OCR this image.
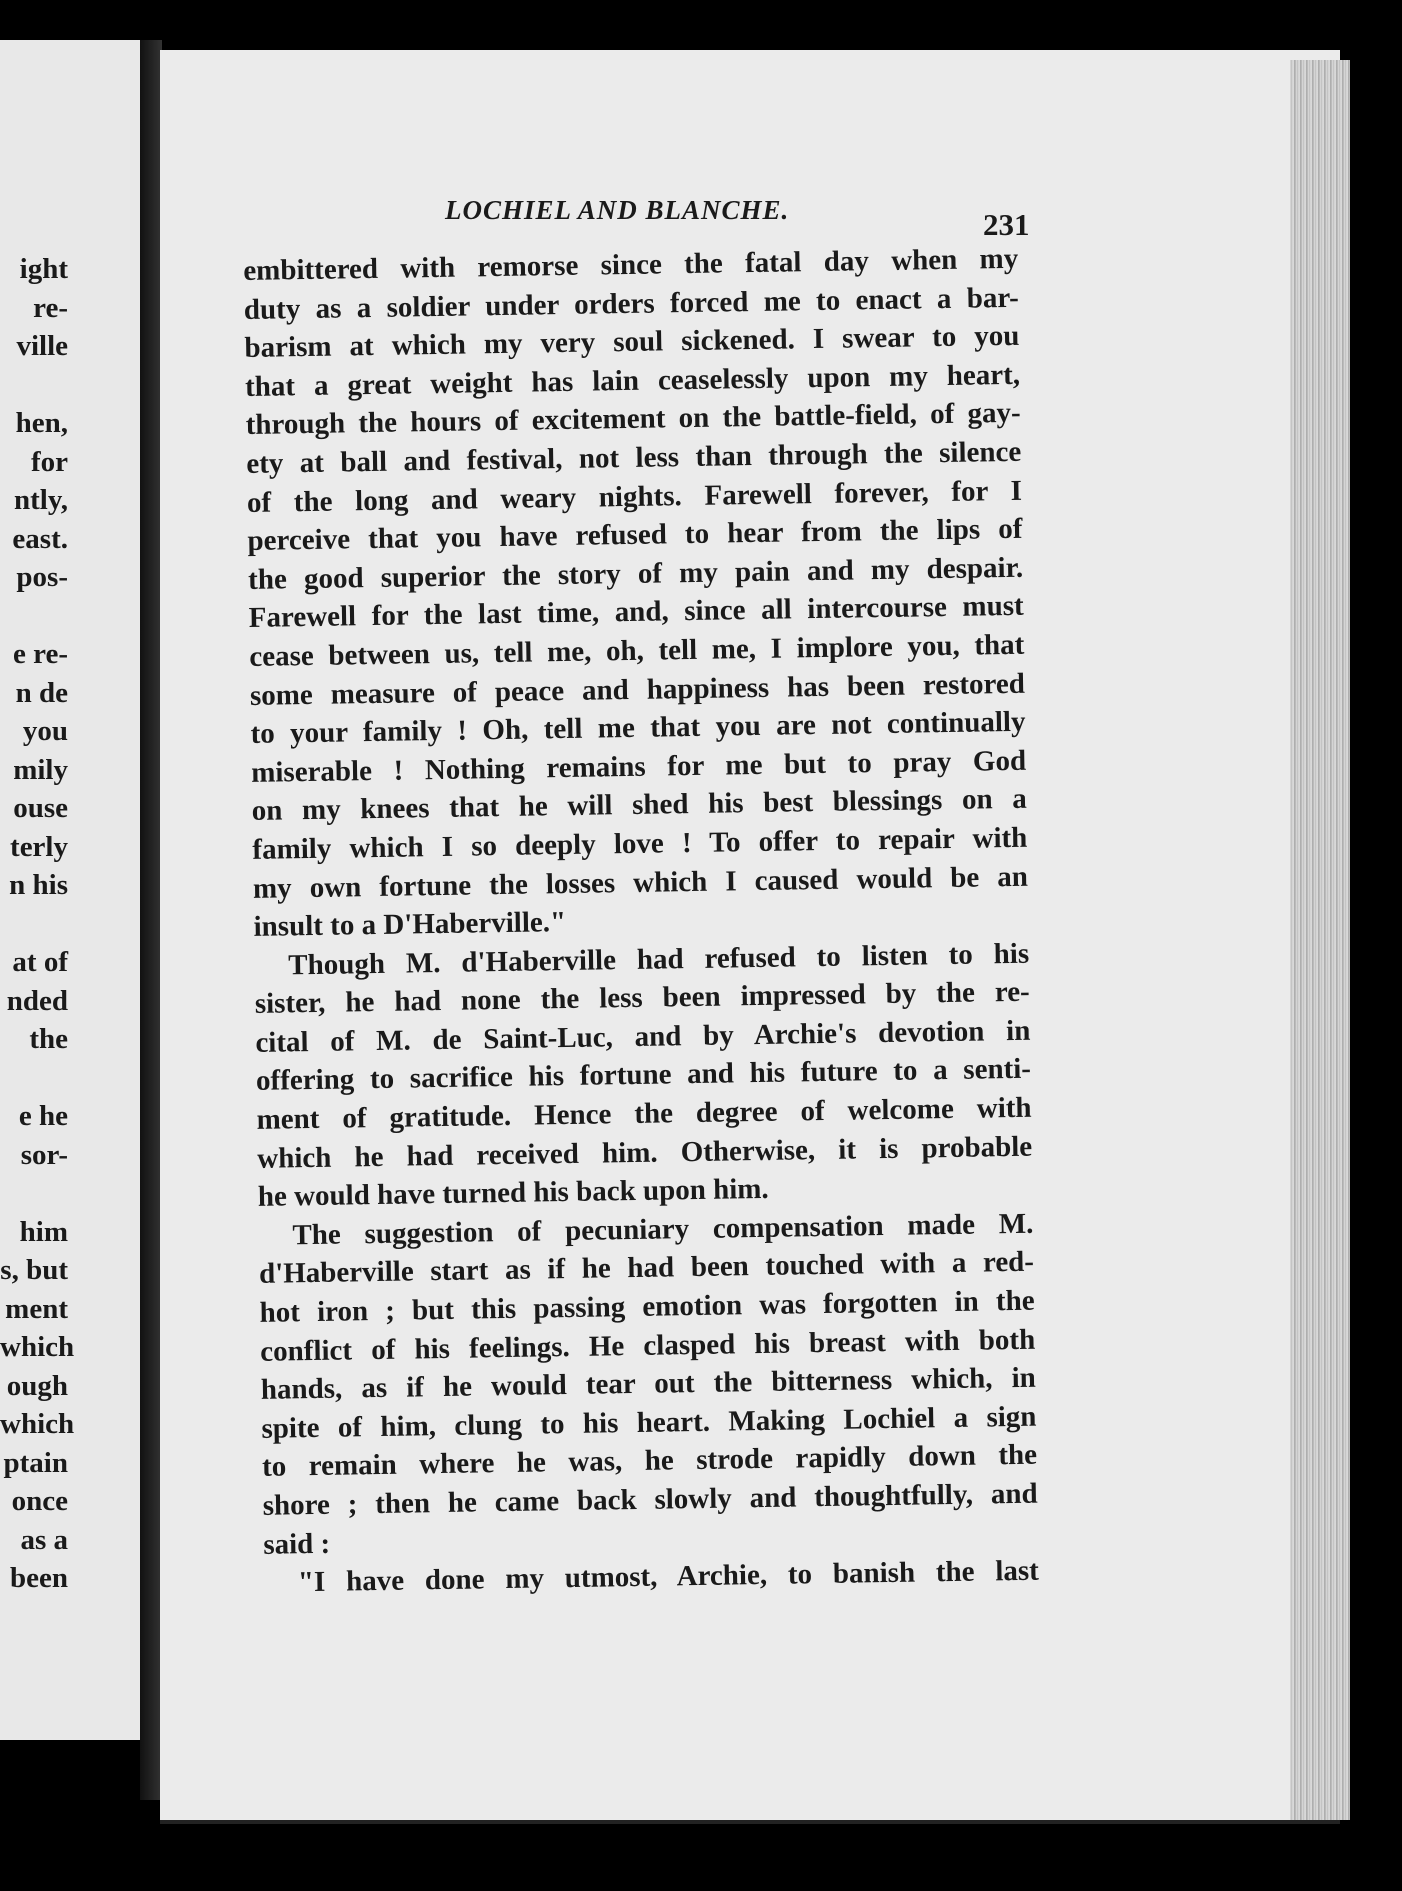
ight
re-
ville
hen,
for
ntly,
east.
pos-
e re-
n de
you
mily
ouse
terly
n his
at of
nded
the
e he
sor-
him
s, but
ment
which
ough
which
ptain
once
as a
been
LOCHIEL AND BLANCHE.	231
embittered with remorse since the fatal day when my
duty as a soldier under orders forced me to enact a bar-
barism at which my very soul sickened. I swear to you
that a great weight has lain ceaselessly upon my heart,
through the hours of excitement on the battle-field, of gay-
ety at ball and festival, not less than through the silence
of the long and weary nights. Farewell forever, for I
perceive that you have refused to hear from the lips of
the good superior the story of my pain and my despair.
Farewell for the last time, and, since all intercourse must
cease between us, tell me, oh, tell me, I implore you, that
some measure of peace and happiness has been restored
to your family ! Oh, tell me that you are not continually
miserable ! Nothing remains for me but to pray God
on my knees that he will shed his best blessings on a
family which I so deeply love ! To offer to repair with
my own fortune the losses which I caused would be an
insult to a D'Haberville."
Though M. d'Haberville had refused to listen to his
sister, he had none the less been impressed by the re-
cital of M. de Saint-Luc, and by Archie's devotion in
offering to sacrifice his fortune and his future to a senti-
ment of gratitude. Hence the degree of welcome with
which he had received him. Otherwise, it is probable
he would have turned his back upon him.
The suggestion of pecuniary compensation made M.
d'Haberville start as if he had been touched with a red-
hot iron ; but this passing emotion was forgotten in the
conflict of his feelings. He clasped his breast with both
hands, as if he would tear out the bitterness which, in
spite of him, clung to his heart. Making Lochiel a sign
to remain where he was, he strode rapidly down the
shore ; then he came back slowly and thoughtfully, and
said :
"I have done my utmost, Archie, to banish the last
